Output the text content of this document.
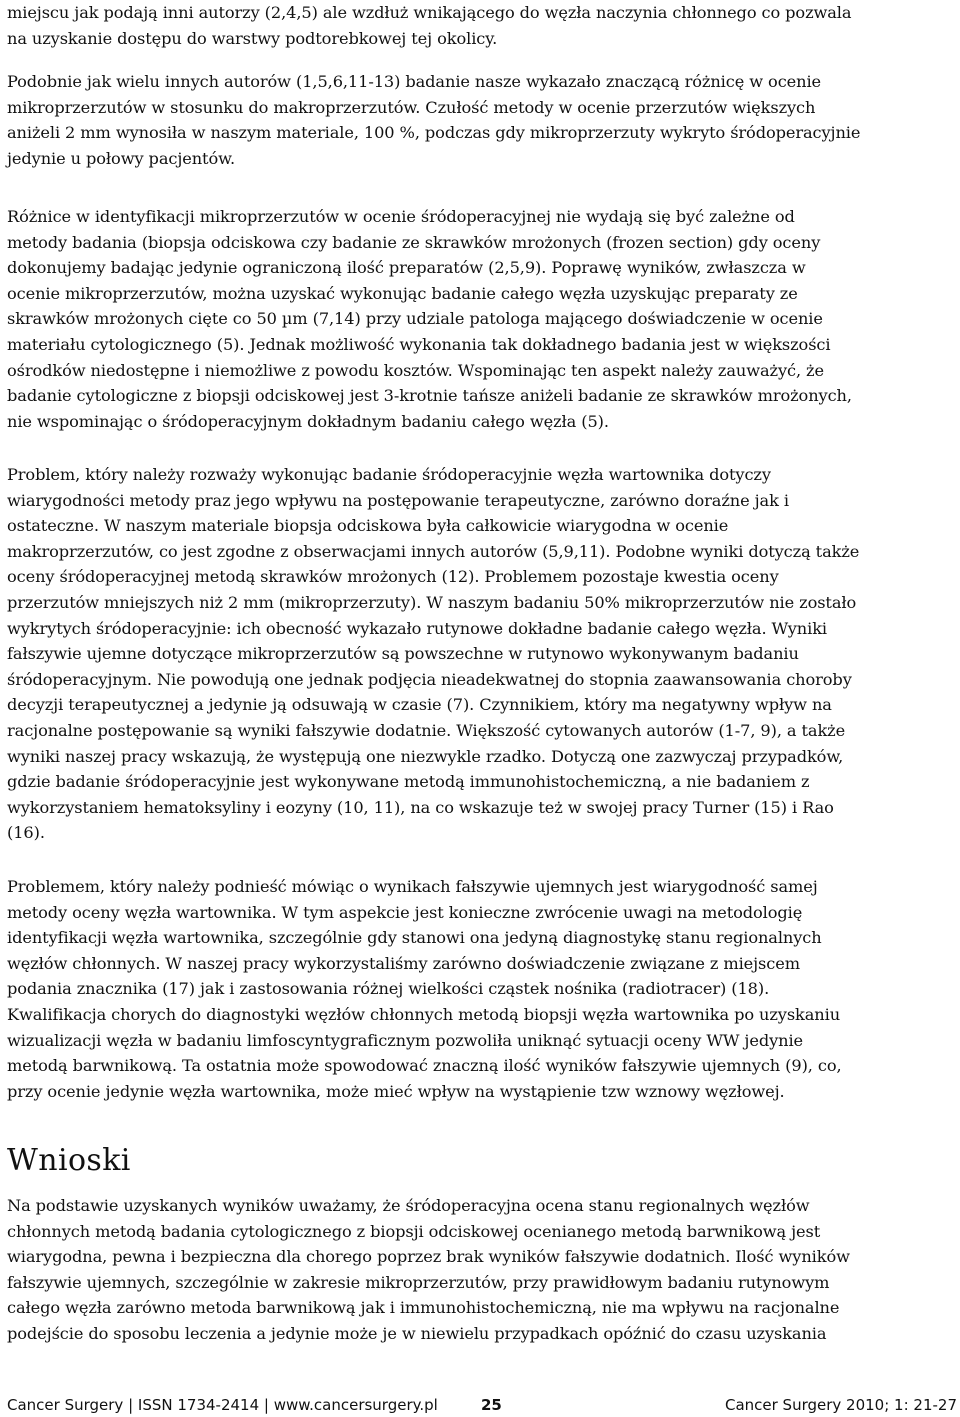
miejscu jak podają inni autorzy (2,4,5) ale wzdłuż wnikającego do węzła naczynia chłonnego co pozwala
na uzyskanie dostępu do warstwy podtorebkowej tej okolicy.

Podobnie jak wielu innych autorów (1,5,6,11-13) badanie nasze wykazało znaczącą różnicę w ocenie
mikroprzerzutów w stosunku do makroprzerzutów. Czułość metody w ocenie przerzutów większych
aniżeli 2 mm wynosiła w naszym materiale, 100 %, podczas gdy mikroprzerzuty wykryto śródoperacyjnie
jedynie u połowy pacjentów.

Różnice w identyfikacji mikroprzerzutów w ocenie śródoperacyjnej nie wydają się być zależne od
metody badania (biopsja odciskowa czy badanie ze skrawków mrożonych (frozen section) gdy oceny
dokonujemy badając jedynie ograniczoną ilość preparatów (2,5,9). Poprawę wyników, zwłaszcza w
ocenie mikroprzerzutów, można uzyskać wykonując badanie całego węzła uzyskując preparaty ze
skrawków mrożonych cięte co 50 µm (7,14) przy udziale patologa mającego doświadczenie w ocenie
materiału cytologicznego (5). Jednak możliwość wykonania tak dokładnego badania jest w większości
ośrodków niedostępne i niemożliwe z powodu kosztów. Wspominając ten aspekt należy zauważyć, że
badanie cytologiczne z biopsji odciskowej jest 3-krotnie tańsze aniżeli badanie ze skrawków mrożonych,
nie wspominając o śródoperacyjnym dokładnym badaniu całego węzła (5).

Problem, który należy rozważy wykonując badanie śródoperacyjnie węzła wartownika dotyczy
wiarygodności metody praz jego wpływu na postępowanie terapeutyczne, zarówno doraźne jak i
ostateczne. W naszym materiale biopsja odciskowa była całkowicie wiarygodna w ocenie
makroprzerzutów, co jest zgodne z obserwacjami innych autorów (5,9,11). Podobne wyniki dotyczą także
oceny śródoperacyjnej metodą skrawków mrożonych (12). Problemem pozostaje kwestia oceny
przerzutów mniejszych niż 2 mm (mikroprzerzuty). W naszym badaniu 50% mikroprzerzutów nie zostało
wykrytych śródoperacyjnie: ich obecność wykazało rutynowe dokładne badanie całego węzła. Wyniki
fałszywie ujemne dotyczące mikroprzerzutów są powszechne w rutynowo wykonywanym badaniu
śródoperacyjnym. Nie powodują one jednak podjęcia nieadekwatnej do stopnia zaawansowania choroby
decyzji terapeutycznej a jedynie ją odsuwają w czasie (7). Czynnikiem, który ma negatywny wpływ na
racjonalne postępowanie są wyniki fałszywie dodatnie. Większość cytowanych autorów (1-7, 9), a także
wyniki naszej pracy wskazują, że występują one niezwykle rzadko. Dotyczą one zazwyczaj przypadków,
gdzie badanie śródoperacyjnie jest wykonywane metodą immunohistochemiczną, a nie badaniem z
wykorzystaniem hematoksyliny i eozyny (10, 11), na co wskazuje też w swojej pracy Turner (15) i Rao
(16).

Problemem, który należy podnieść mówiąc o wynikach fałszywie ujemnych jest wiarygodność samej
metody oceny węzła wartownika. W tym aspekcie jest konieczne zwrócenie uwagi na metodologię
identyfikacji węzła wartownika, szczególnie gdy stanowi ona jedyną diagnostykę stanu regionalnych
węzłów chłonnych. W naszej pracy wykorzystaliśmy zarówno doświadczenie związane z miejscem
podania znacznika (17) jak i zastosowania różnej wielkości cząstek nośnika (radiotracer) (18).
Kwalifikacja chorych do diagnostyki węzłów chłonnych metodą biopsji węzła wartownika po uzyskaniu
wizualizacji węzła w badaniu limfoscyntygraficznym pozwoliła uniknąć sytuacji oceny WW jedynie
metodą barwnikową. Ta ostatnia może spowodować znaczną ilość wyników fałszywie ujemnych (9), co,
przy ocenie jedynie węzła wartownika, może mieć wpływ na wystąpienie tzw wznowy węzłowej.

Wnioski

Na podstawie uzyskanych wyników uważamy, że śródoperacyjna ocena stanu regionalnych węzłów
chłonnych metodą badania cytologicznego z biopsji odciskowej ocenianego metodą barwnikową jest
wiarygodna, pewna i bezpieczna dla chorego poprzez brak wyników fałszywie dodatnich. Ilość wyników
fałszywie ujemnych, szczególnie w zakresie mikroprzerzutów, przy prawidłowym badaniu rutynowym
całego węzła zarówno metoda barwnikową jak i immunohistochemiczną, nie ma wpływu na racjonalne
podejście do sposobu leczenia a jedynie może je w niewielu przypadkach opóźnić do czasu uzyskania

Cancer Surgery | ISSN 1734-2414 | www.cancersurgery.pl	25	Cancer Surgery 2010; 1: 21-27
